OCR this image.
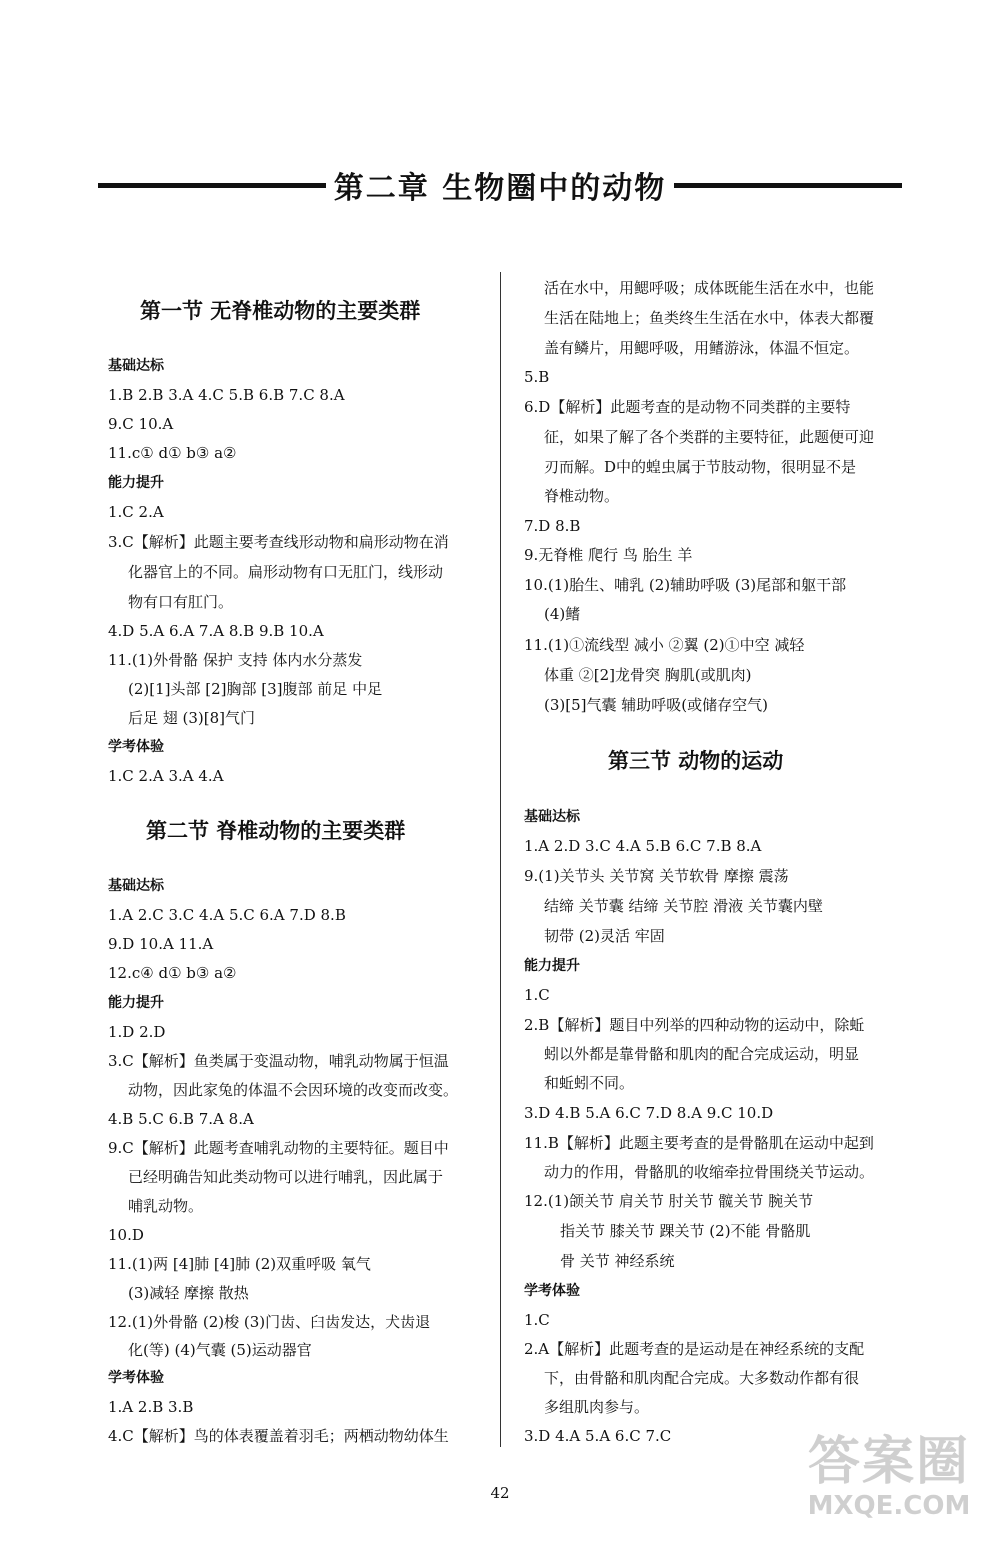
第二章 生物圈中的动物
第一节 无脊椎动物的主要类群
基础达标
1.B 2.B 3.A 4.C 5.B 6.B 7.C 8.A
9.C 10.A
11.c① d① b③ a②
能力提升
1.C 2.A
3.C【解析】此题主要考查线形动物和扁形动物在消
化器官上的不同。扁形动物有口无肛门，线形动
物有口有肛门。
4.D 5.A 6.A 7.A 8.B 9.B 10.A
11.(1)外骨骼 保护 支持 体内水分蒸发
(2)[1]头部 [2]胸部 [3]腹部 前足 中足
后足 翅 (3)[8]气门
学考体验
1.C 2.A 3.A 4.A
第二节 脊椎动物的主要类群
基础达标
1.A 2.C 3.C 4.A 5.C 6.A 7.D 8.B
9.D 10.A 11.A
12.c④ d① b③ a②
能力提升
1.D 2.D
3.C【解析】鱼类属于变温动物，哺乳动物属于恒温
动物，因此家兔的体温不会因环境的改变而改变。
4.B 5.C 6.B 7.A 8.A
9.C【解析】此题考查哺乳动物的主要特征。题目中
已经明确告知此类动物可以进行哺乳，因此属于
哺乳动物。
10.D
11.(1)两 [4]肺 [4]肺 (2)双重呼吸 氧气
(3)减轻 摩擦 散热
12.(1)外骨骼 (2)梭 (3)门齿、臼齿发达，犬齿退
化(等) (4)气囊 (5)运动器官
学考体验
1.A 2.B 3.B
4.C【解析】鸟的体表覆盖着羽毛；两栖动物幼体生
活在水中，用鳃呼吸；成体既能生活在水中，也能
生活在陆地上；鱼类终生生活在水中，体表大都覆
盖有鳞片，用鳃呼吸，用鳍游泳，体温不恒定。
5.B
6.D【解析】此题考查的是动物不同类群的主要特
征，如果了解了各个类群的主要特征，此题便可迎
刃而解。D中的蝗虫属于节肢动物，很明显不是
脊椎动物。
7.D 8.B
9.无脊椎 爬行 鸟 胎生 羊
10.(1)胎生、哺乳 (2)辅助呼吸 (3)尾部和躯干部
(4)鳍
11.(1)①流线型 减小 ②翼 (2)①中空 减轻
体重 ②[2]龙骨突 胸肌(或肌肉)
(3)[5]气囊 辅助呼吸(或储存空气)
第三节 动物的运动
基础达标
1.A 2.D 3.C 4.A 5.B 6.C 7.B 8.A
9.(1)关节头 关节窝 关节软骨 摩擦 震荡
结缔 关节囊 结缔 关节腔 滑液 关节囊内壁
韧带 (2)灵活 牢固
能力提升
1.C
2.B【解析】题目中列举的四种动物的运动中，除蚯
蚓以外都是靠骨骼和肌肉的配合完成运动，明显
和蚯蚓不同。
3.D 4.B 5.A 6.C 7.D 8.A 9.C 10.D
11.B【解析】此题主要考查的是骨骼肌在运动中起到
动力的作用，骨骼肌的收缩牵拉骨围绕关节运动。
12.(1)颌关节 肩关节 肘关节 髋关节 腕关节
指关节 膝关节 踝关节 (2)不能 骨骼肌
骨 关节 神经系统
学考体验
1.C
2.A【解析】此题考查的是运动是在神经系统的支配
下，由骨骼和肌肉配合完成。大多数动作都有很
多组肌肉参与。
3.D 4.A 5.A 6.C 7.C
42
答案圈
MXQE.COM
